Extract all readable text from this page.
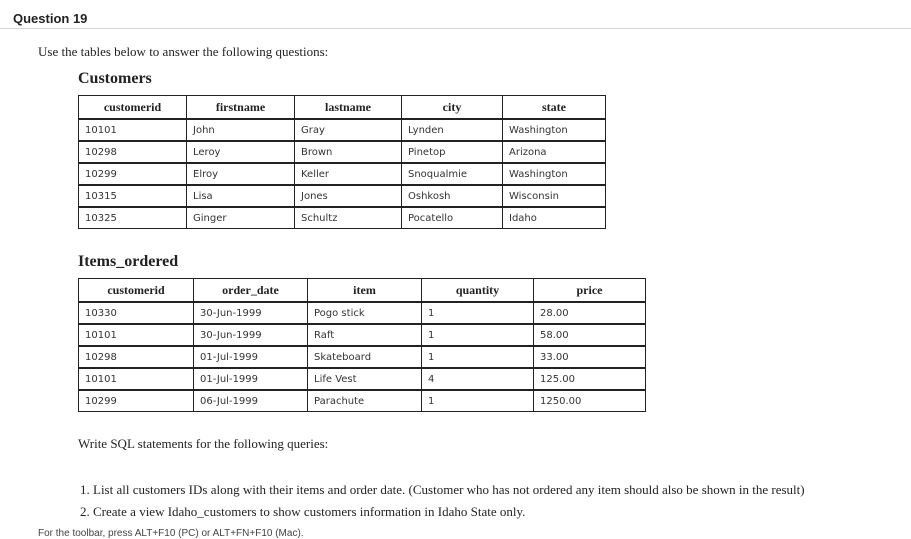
Question 19
Use the tables below to answer the following questions:
Customers
customerid	firstname	lastname	city	state
10101	John	Gray	Lynden	Washington
10298	Leroy	Brown	Pinetop	Arizona
10299	Elroy	Keller	Snoqualmie	Washington
10315	Lisa	Jones	Oshkosh	Wisconsin
10325	Ginger	Schultz	Pocatello	Idaho
Items_ordered
customerid	order_date	item	quantity	price
10330	30-Jun-1999	Pogo stick	1	28.00
10101	30-Jun-1999	Raft	1	58.00
10298	01-Jul-1999	Skateboard	1	33.00
10101	01-Jul-1999	Life Vest	4	125.00
10299	06-Jul-1999	Parachute	1	1250.00
Write SQL statements for the following queries:
1. List all customers IDs along with their items and order date. (Customer who has not ordered any item should also be shown in the result)
2. Create a view Idaho_customers to show customers information in Idaho State only.
For the toolbar, press ALT+F10 (PC) or ALT+FN+F10 (Mac).
